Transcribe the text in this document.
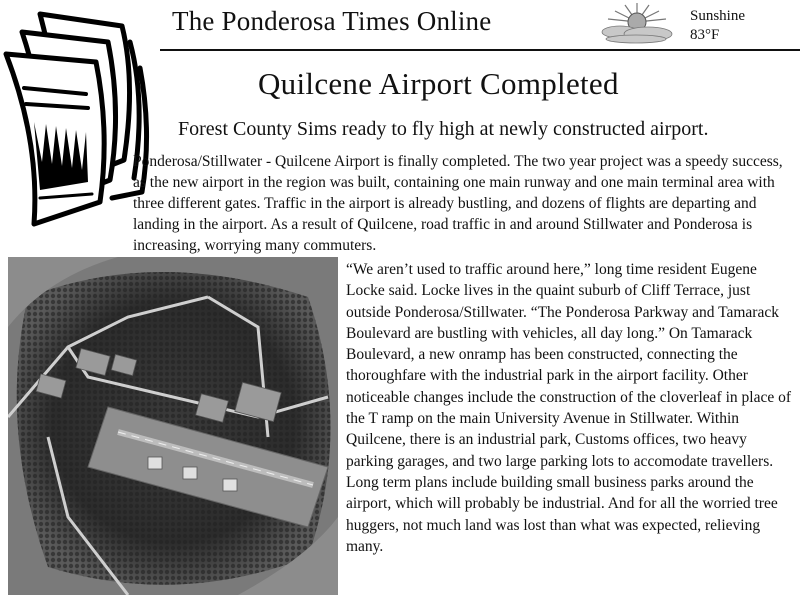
The Ponderosa Times Online	Sunshine
83°F
Quilcene Airport Completed
Forest County Sims ready to fly high at newly constructed airport.

Ponderosa/Stillwater - Quilcene Airport is finally completed. The two year project was a speedy success, as the new airport in the region was built, containing one main runway and one main terminal area with three different gates. Traffic in the airport is already bustling, and dozens of flights are departing and landing in the airport. As a result of Quilcene, road traffic in and around Stillwater and Ponderosa is increasing, worrying many commuters.

“We aren’t used to traffic around here,” long time resident Eugene Locke said. Locke lives in the quaint suburb of Cliff Terrace, just outside Ponderosa/Stillwater. “The Ponderosa Parkway and Tamarack Boulevard are bustling with vehicles, all day long.” On Tamarack Boulevard, a new onramp has been constructed, connecting the thoroughfare with the industrial park in the airport facility. Other noticeable changes include the construction of the cloverleaf in place of the T ramp on the main University Avenue in Stillwater. Within Quilcene, there is an industrial park, Customs offices, two heavy parking garages, and two large parking lots to accomodate travellers. Long term plans include building small business parks around the airport, which will probably be industrial. And for all the worried tree huggers, not much land was lost than what was expected, relieving many.
